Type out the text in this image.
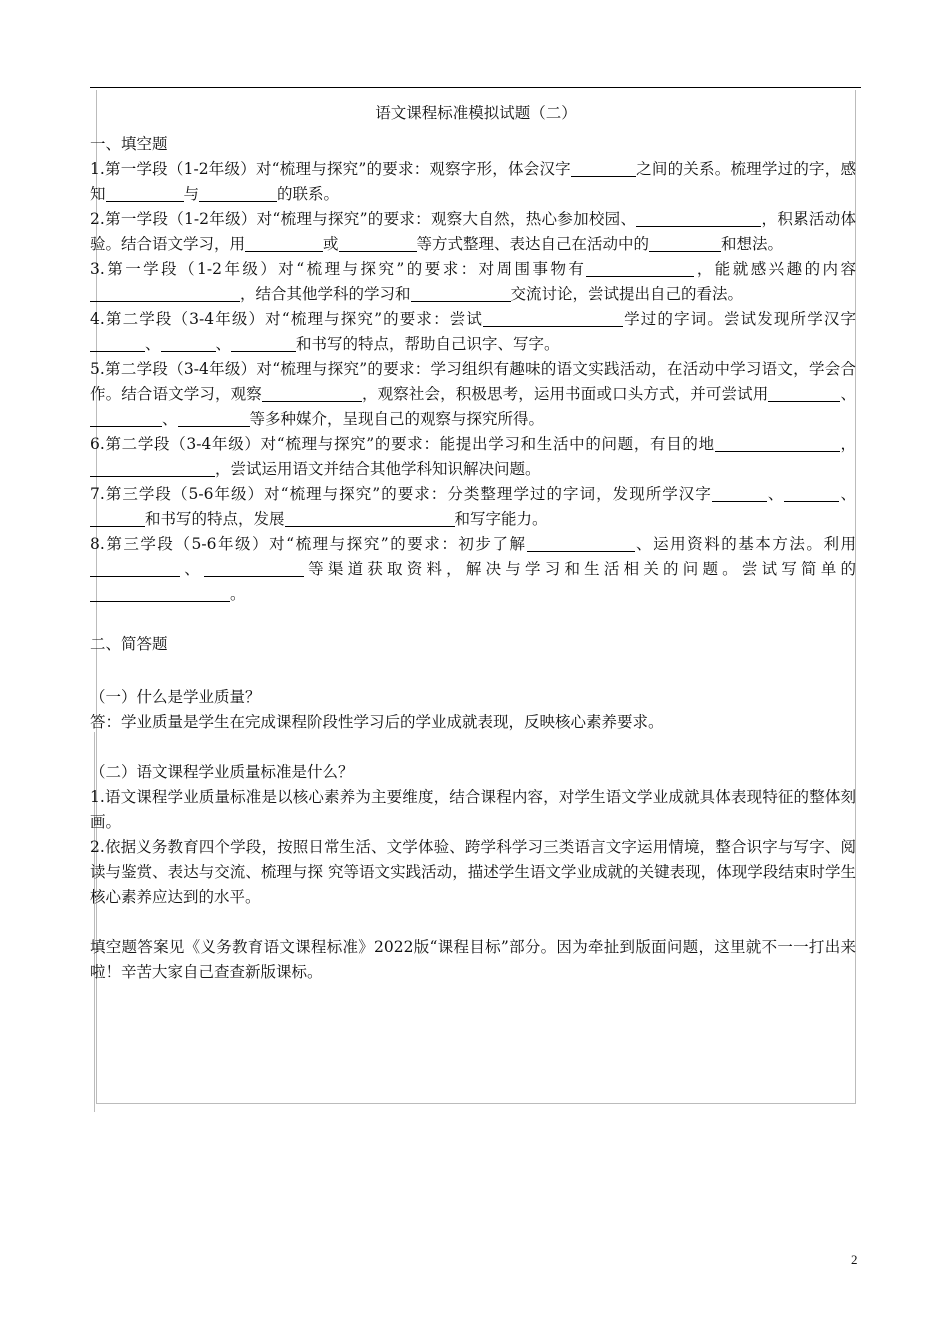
语文课程标准模拟试题（二）

一、填空题

1.第一学段（1-2年级）对“梳理与探究”的要求：观察字形，体会汉字	之间的关系。梳理学过的字，感知	与	的联系。

2.第一学段（1-2年级）对“梳理与探究”的要求：观察大自然，热心参加校园、	，积累活动体验。结合语文学习，用	或	等方式整理、表达自己在活动中的	和想法。

3.第一学段（1-2年级）对“梳理与探究”的要求：对周围事物有	，能就感兴趣的内容，结合其他学科的学习和	交流讨论，尝试提出自己的看法。

4.第二学段（3-4年级）对“梳理与探究”的要求：尝试	学过的字词。尝试发现所学汉字、	、	和书写的特点，帮助自己识字、写字。

5.第二学段（3-4年级）对“梳理与探究”的要求：学习组织有趣味的语文实践活动，在活动中学习语文，学会合作。结合语文学习，观察	，观察社会，积极思考，运用书面或口头方式，并可尝试用	、、	等多种媒介，呈现自己的观察与探究所得。

6.第二学段（3-4年级）对“梳理与探究”的要求：能提出学习和生活中的问题，有目的地	，，尝试运用语文并结合其他学科知识解决问题。

7.第三学段（5-6年级）对“梳理与探究”的要求：分类整理学过的字词，发现所学汉字	、	、和书写的特点，发展	和写字能力。

8.第三学段（5-6年级）对“梳理与探究”的要求：初步了解	、运用资料的基本方法。利用、	等渠道获取资料，解决与学习和生活相关的问题。尝试写简单的。

二、简答题

（一）什么是学业质量？

答：学业质量是学生在完成课程阶段性学习后的学业成就表现，反映核心素养要求。

（二）语文课程学业质量标准是什么？

1.语文课程学业质量标准是以核心素养为主要维度，结合课程内容，对学生语文学业成就具体表现特征的整体刻画。

2.依据义务教育四个学段，按照日常生活、文学体验、跨学科学习三类语言文字运用情境，整合识字与写字、阅读与鉴赏、表达与交流、梳理与探 究等语文实践活动，描述学生语文学业成就的关键表现，体现学段结束时学生核心素养应达到的水平。

填空题答案见《义务教育语文课程标准》2022版“课程目标”部分。因为牵扯到版面问题，这里就不一一打出来啦！辛苦大家自己查查新版课标。

2
